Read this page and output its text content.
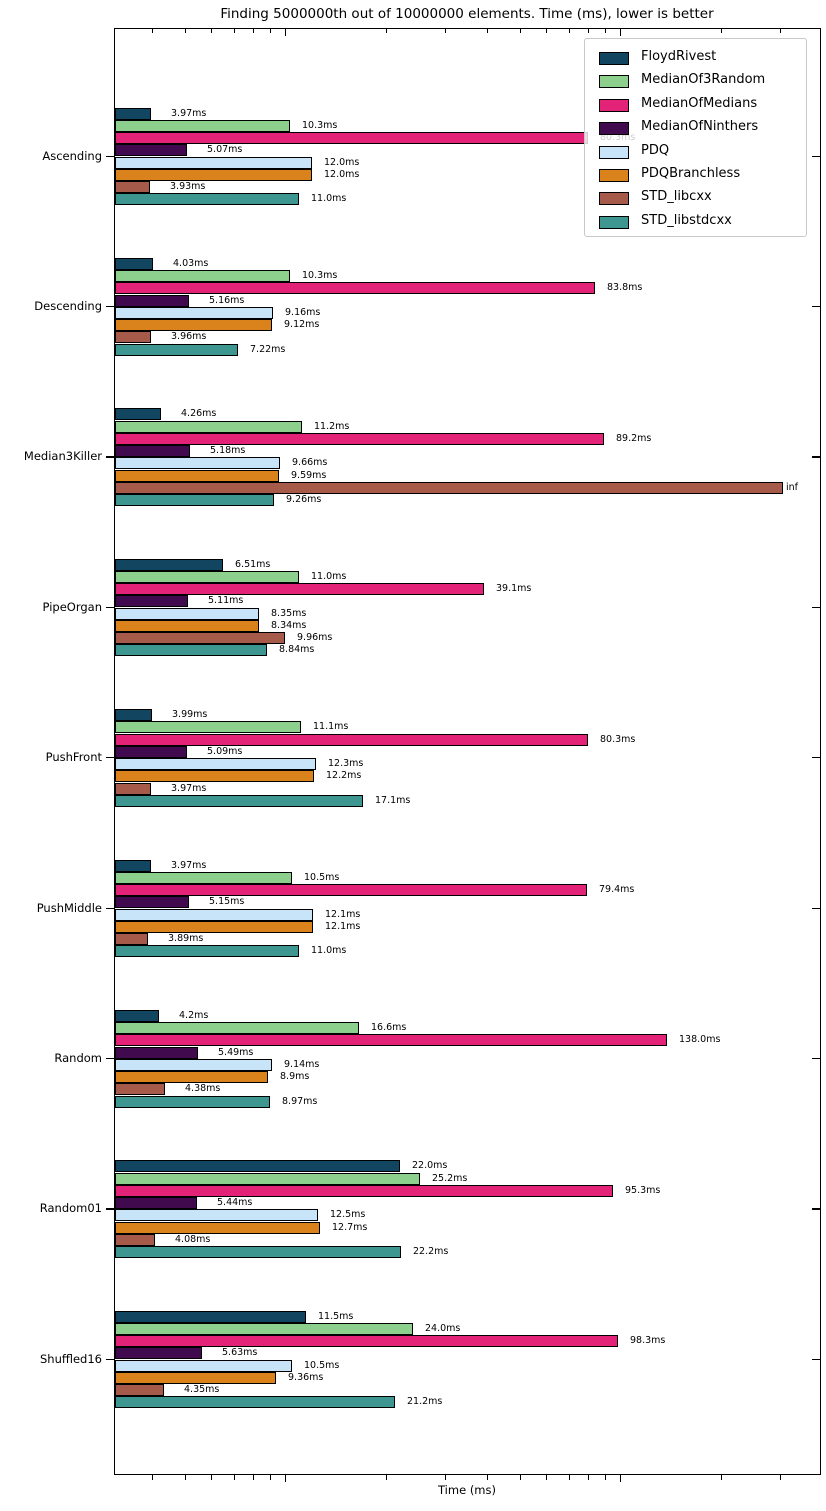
Finding 5000000th out of 10000000 elements. Time (ms), lower is better
3.97ms
10.3ms
5.07ms
12.0ms
12.0ms
3.93ms
11.0ms
4.03ms
10.3ms
83.8ms
5.16ms
9.16ms
9.12ms
3.96ms
7.22ms
4.26ms
11.2ms
89.2ms
5.18ms
9.66ms
9.59ms
inf
9.26ms
6.51ms
11.0ms
39.1ms
5.11ms
8.35ms
8.34ms
9.96ms
8.84ms
3.99ms
11.1ms
80.3ms
5.09ms
12.3ms
12.2ms
3.97ms
17.1ms
3.97ms
10.5ms
79.4ms
5.15ms
12.1ms
12.1ms
3.89ms
11.0ms
4.2ms
16.6ms
138.0ms
5.49ms
9.14ms
8.9ms
4.38ms
8.97ms
22.0ms
25.2ms
95.3ms
5.44ms
12.5ms
12.7ms
4.08ms
22.2ms
11.5ms
24.0ms
98.3ms
5.63ms
10.5ms
9.36ms
4.35ms
21.2ms
FloydRivest
MedianOf3Random
MedianOfMedians
MedianOfNinthers
PDQ
PDQBranchless
STD_libcxx
STD_libstdcxx
Time (ms)
Ascending
Descending
Median3Killer
PipeOrgan
PushFront
PushMiddle
Random
Random01
Shuffled16
